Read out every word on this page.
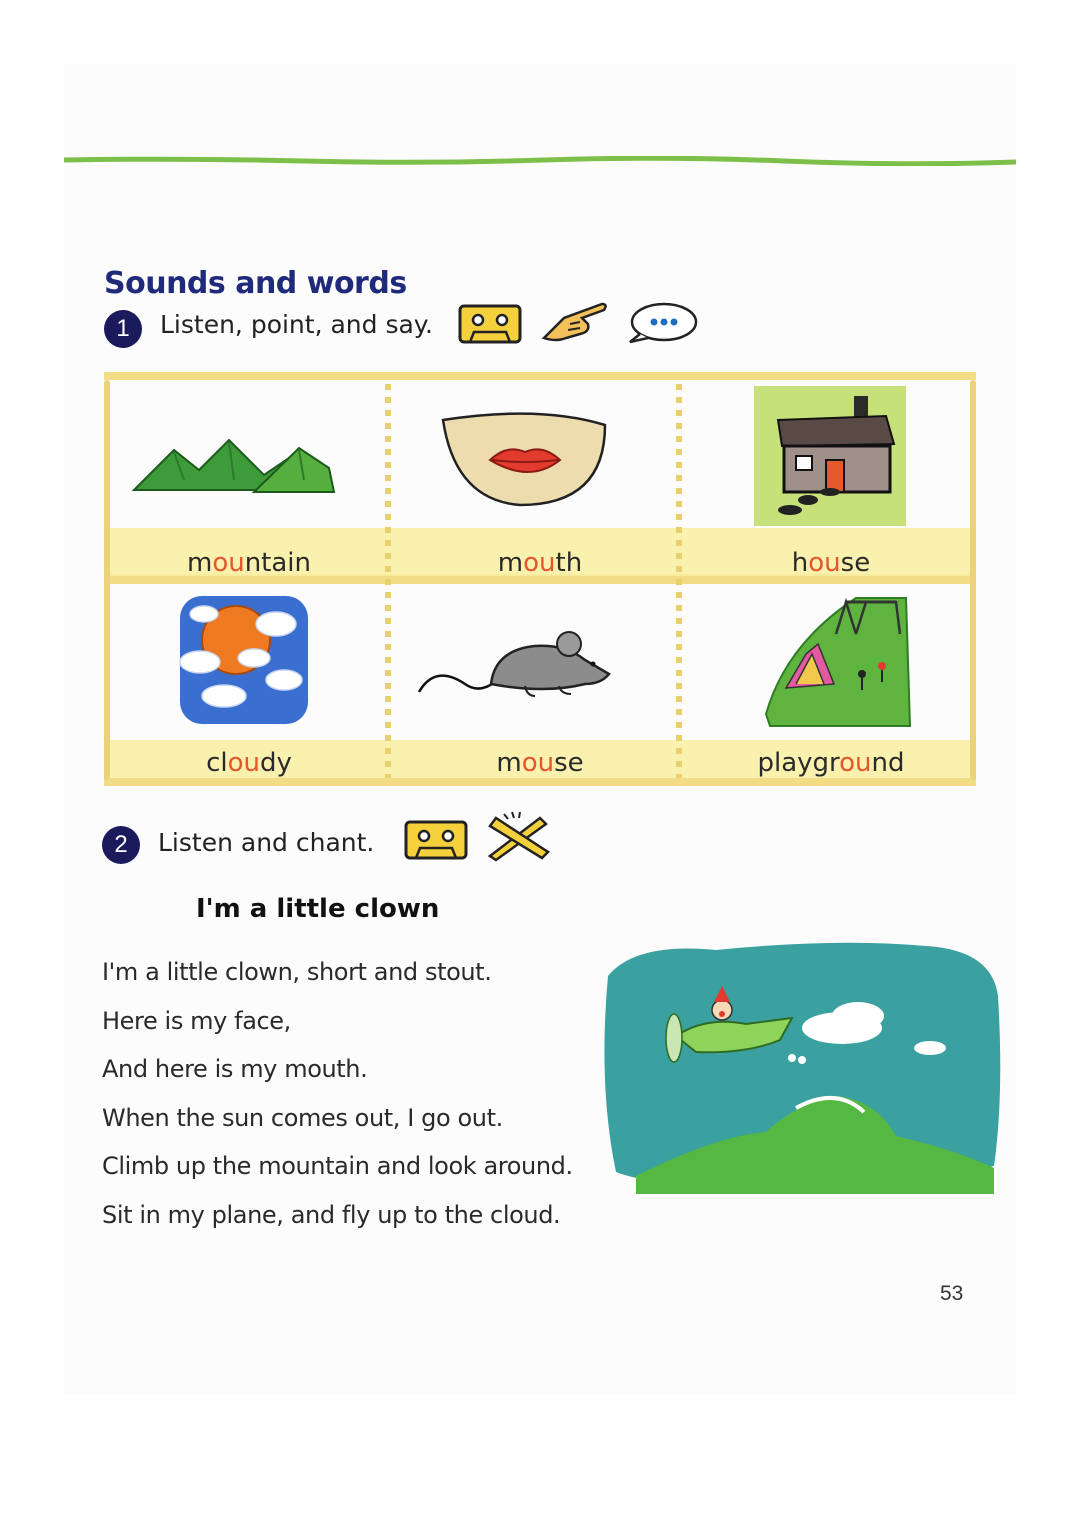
Sounds and words
1	Listen, point, and say.
mountain	mouth	house
cloudy	mouse	playground
2	Listen and chant.
I'm a little clown
I'm a little clown, short and stout.
Here is my face,
And here is my mouth.
When the sun comes out, I go out.
Climb up the mountain and look around.
Sit in my plane, and fly up to the cloud.
53
